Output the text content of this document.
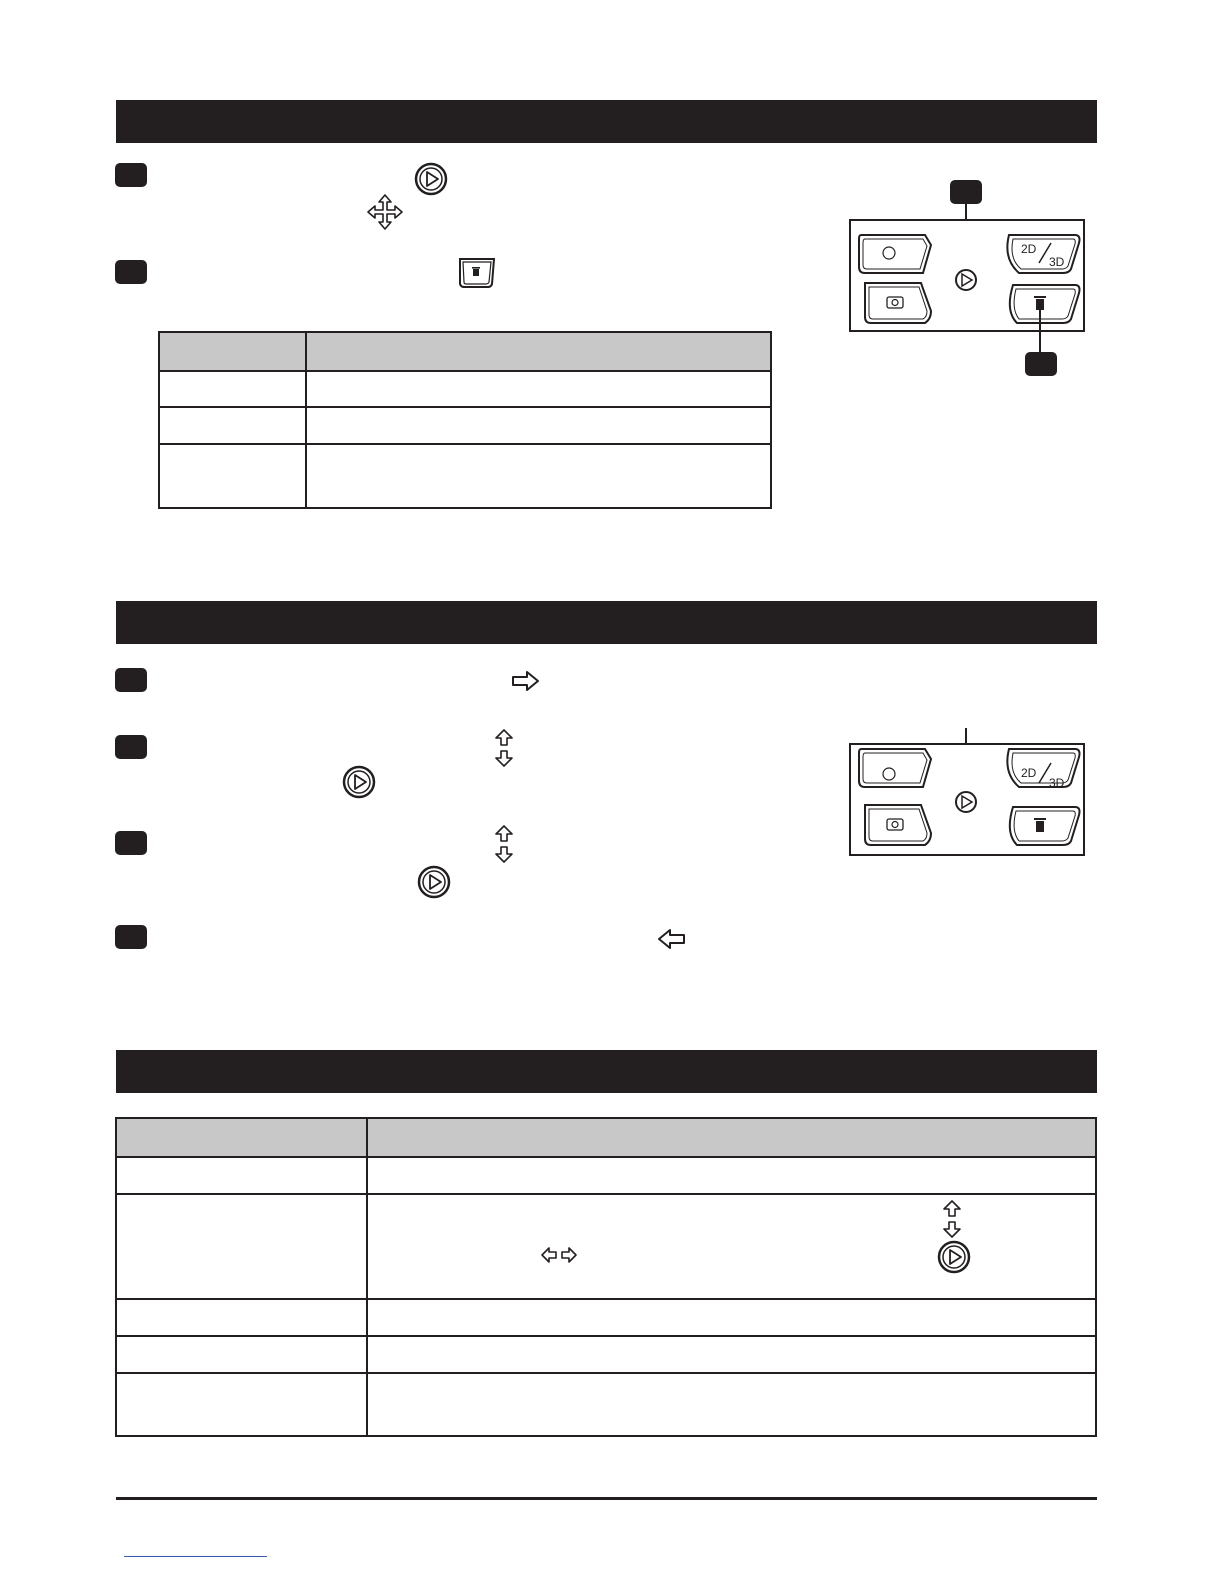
2D
3D
2D
3D
